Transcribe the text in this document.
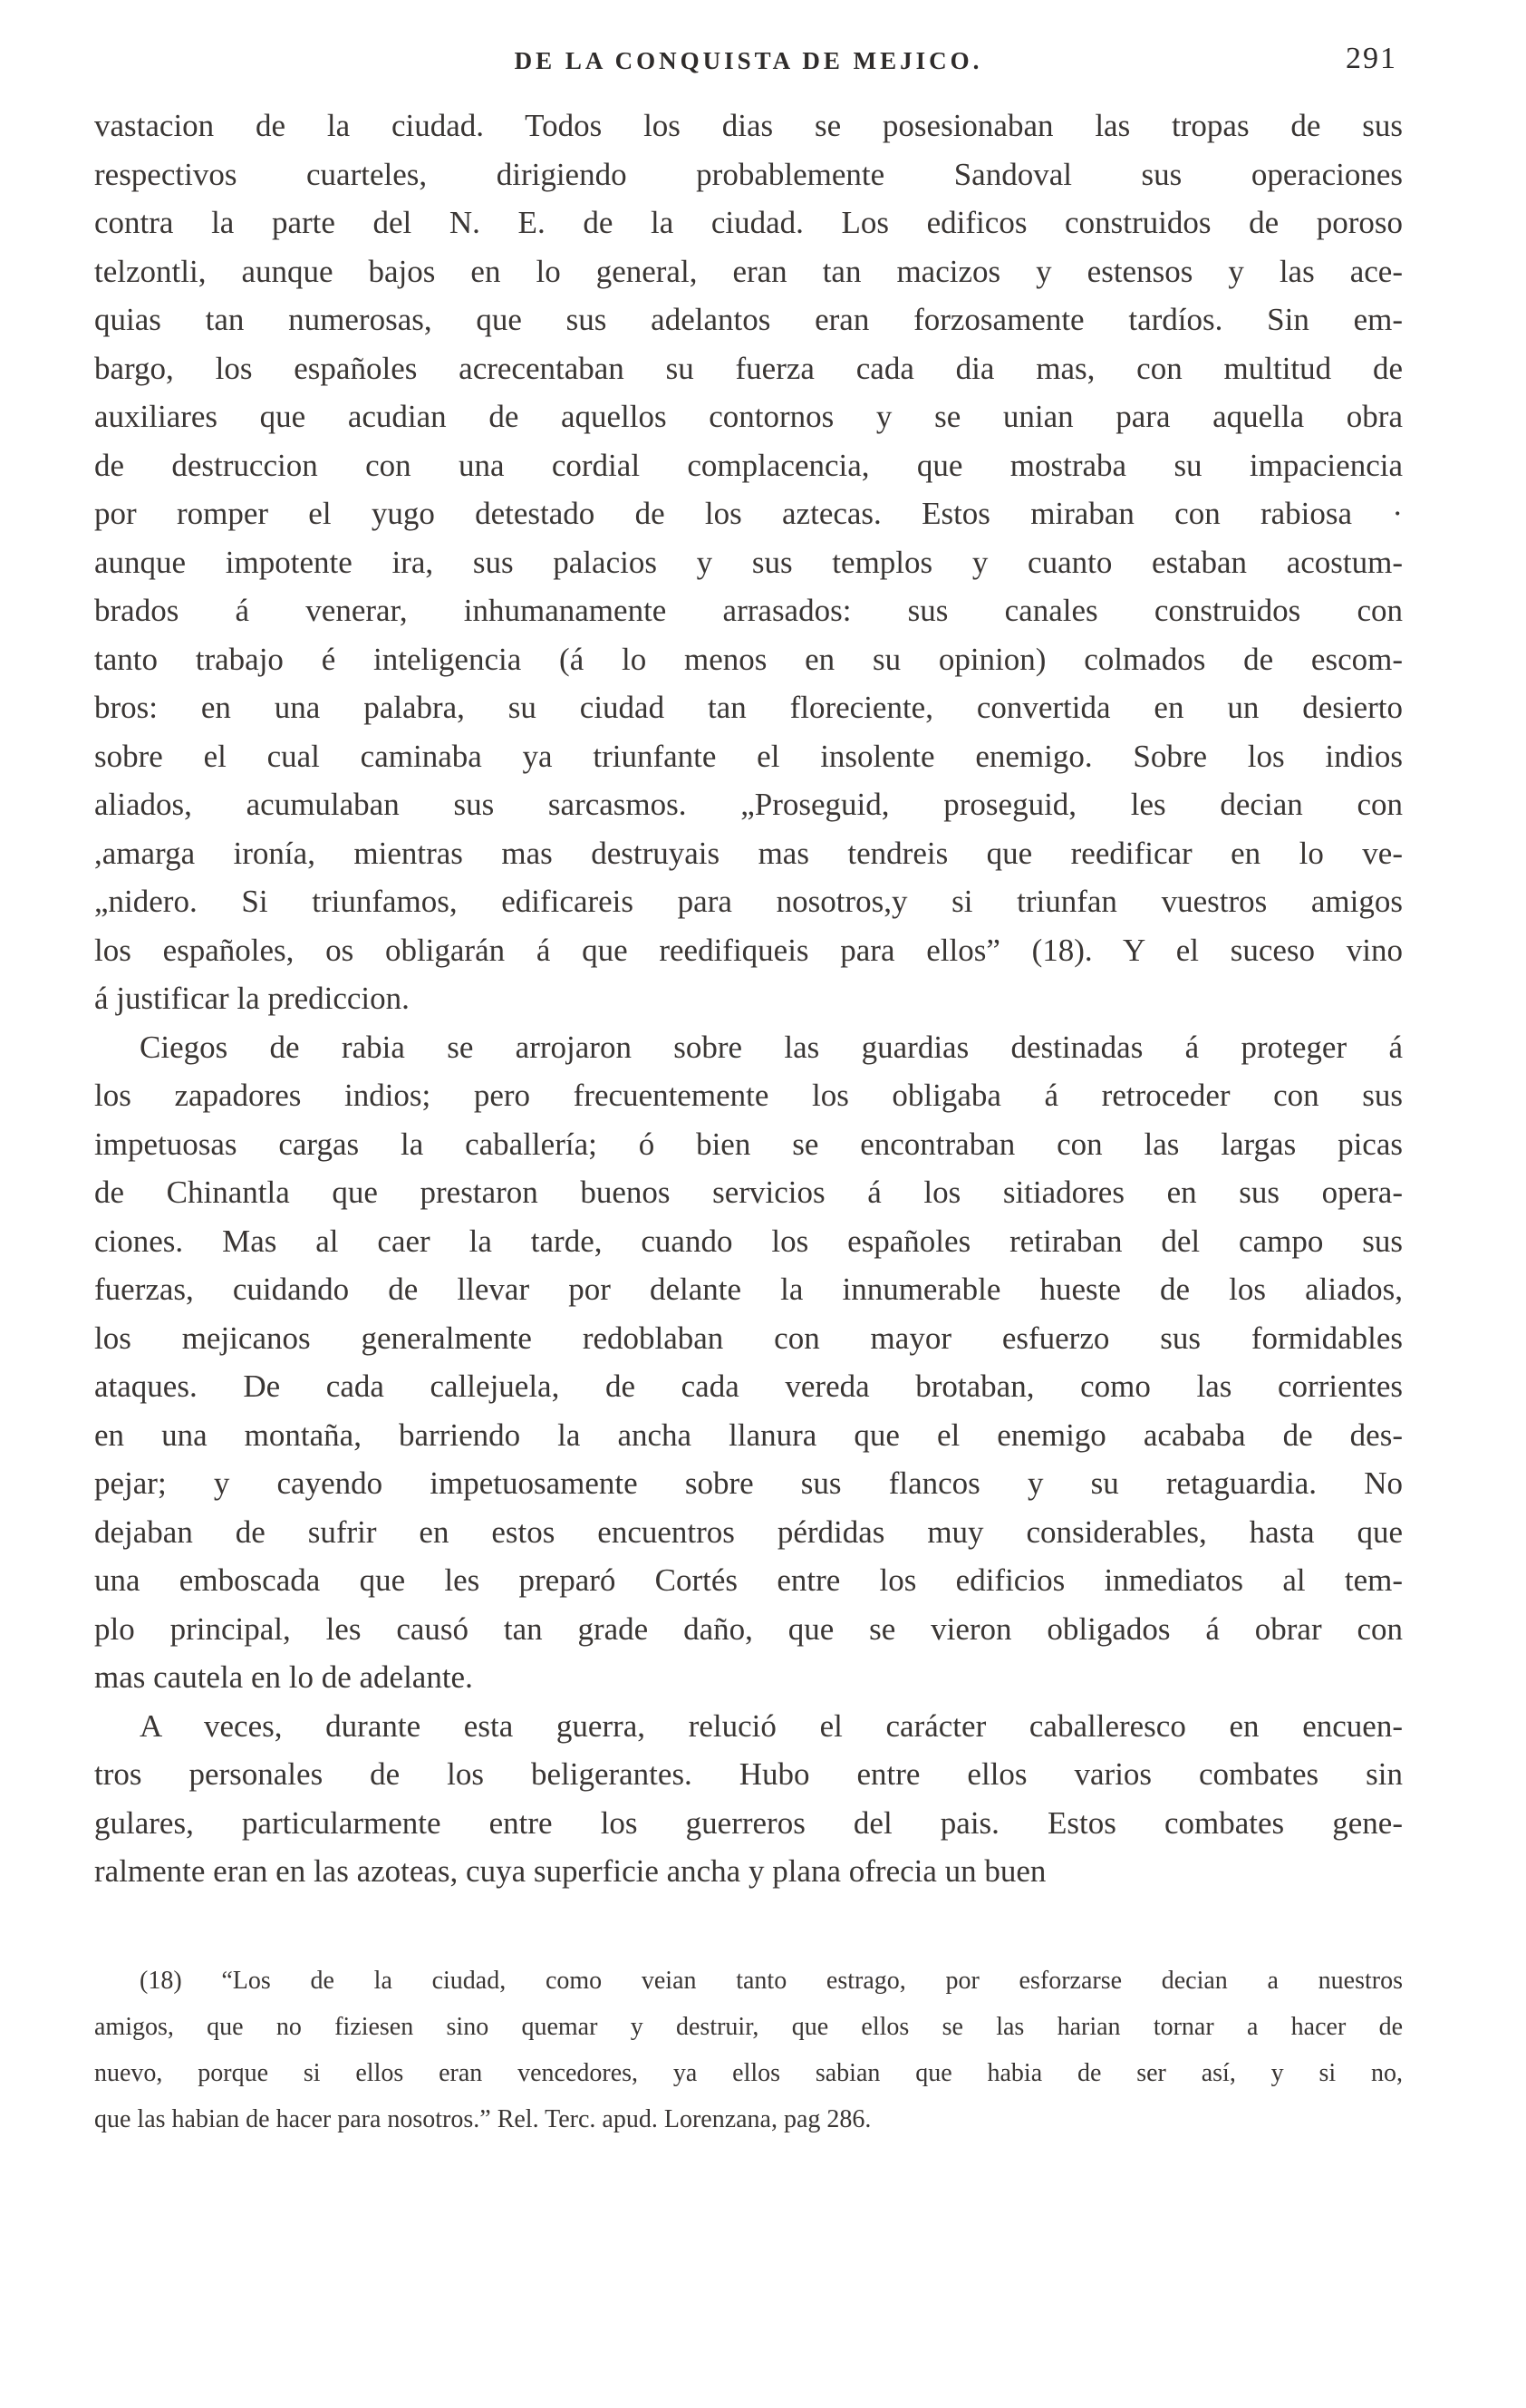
DE LA CONQUISTA DE MEJICO.	291
vastacion de la ciudad. Todos los dias se posesionaban las tropas de sus
respectivos cuarteles, dirigiendo probablemente Sandoval sus operaciones
contra la parte del N. E. de la ciudad. Los edificos construidos de poroso
telzontli, aunque bajos en lo general, eran tan macizos y estensos y las ace-
quias tan numerosas, que sus adelantos eran forzosamente tardíos. Sin em-
bargo, los españoles acrecentaban su fuerza cada dia mas, con multitud de
auxiliares que acudian de aquellos contornos y se unian para aquella obra
de destruccion con una cordial complacencia, que mostraba su impaciencia
por romper el yugo detestado de los aztecas. Estos miraban con rabiosa ·
aunque impotente ira, sus palacios y sus templos y cuanto estaban acostum-
brados á venerar, inhumanamente arrasados: sus canales construidos con
tanto trabajo é inteligencia (á lo menos en su opinion) colmados de escom-
bros: en una palabra, su ciudad tan floreciente, convertida en un desierto
sobre el cual caminaba ya triunfante el insolente enemigo. Sobre los indios
aliados, acumulaban sus sarcasmos. „Proseguid, proseguid, les decian con
,amarga ironía, mientras mas destruyais mas tendreis que reedificar en lo ve-
„nidero. Si triunfamos, edificareis para nosotros,y si triunfan vuestros amigos
los españoles, os obligarán á que reedifiqueis para ellos” (18). Y el suceso vino
á justificar la prediccion.
Ciegos de rabia se arrojaron sobre las guardias destinadas á proteger á
los zapadores indios; pero frecuentemente los obligaba á retroceder con sus
impetuosas cargas la caballería; ó bien se encontraban con las largas picas
de Chinantla que prestaron buenos servicios á los sitiadores en sus opera-
ciones. Mas al caer la tarde, cuando los españoles retiraban del campo sus
fuerzas, cuidando de llevar por delante la innumerable hueste de los aliados,
los mejicanos generalmente redoblaban con mayor esfuerzo sus formidables
ataques. De cada callejuela, de cada vereda brotaban, como las corrientes
en una montaña, barriendo la ancha llanura que el enemigo acababa de des-
pejar; y cayendo impetuosamente sobre sus flancos y su retaguardia. No
dejaban de sufrir en estos encuentros pérdidas muy considerables, hasta que
una emboscada que les preparó Cortés entre los edificios inmediatos al tem-
plo principal, les causó tan grade daño, que se vieron obligados á obrar con
mas cautela en lo de adelante.
A veces, durante esta guerra, relució el carácter caballeresco en encuen-
tros personales de los beligerantes. Hubo entre ellos varios combates sin
gulares, particularmente entre los guerreros del pais. Estos combates gene-
ralmente eran en las azoteas, cuya superficie ancha y plana ofrecia un buen
(18) “Los de la ciudad, como veian tanto estrago, por esforzarse decian a nuestros
amigos, que no fiziesen sino quemar y destruir, que ellos se las harian tornar a hacer de
nuevo, porque si ellos eran vencedores, ya ellos sabian que habia de ser así, y si no,
que las habian de hacer para nosotros.” Rel. Terc. apud. Lorenzana, pag 286.
